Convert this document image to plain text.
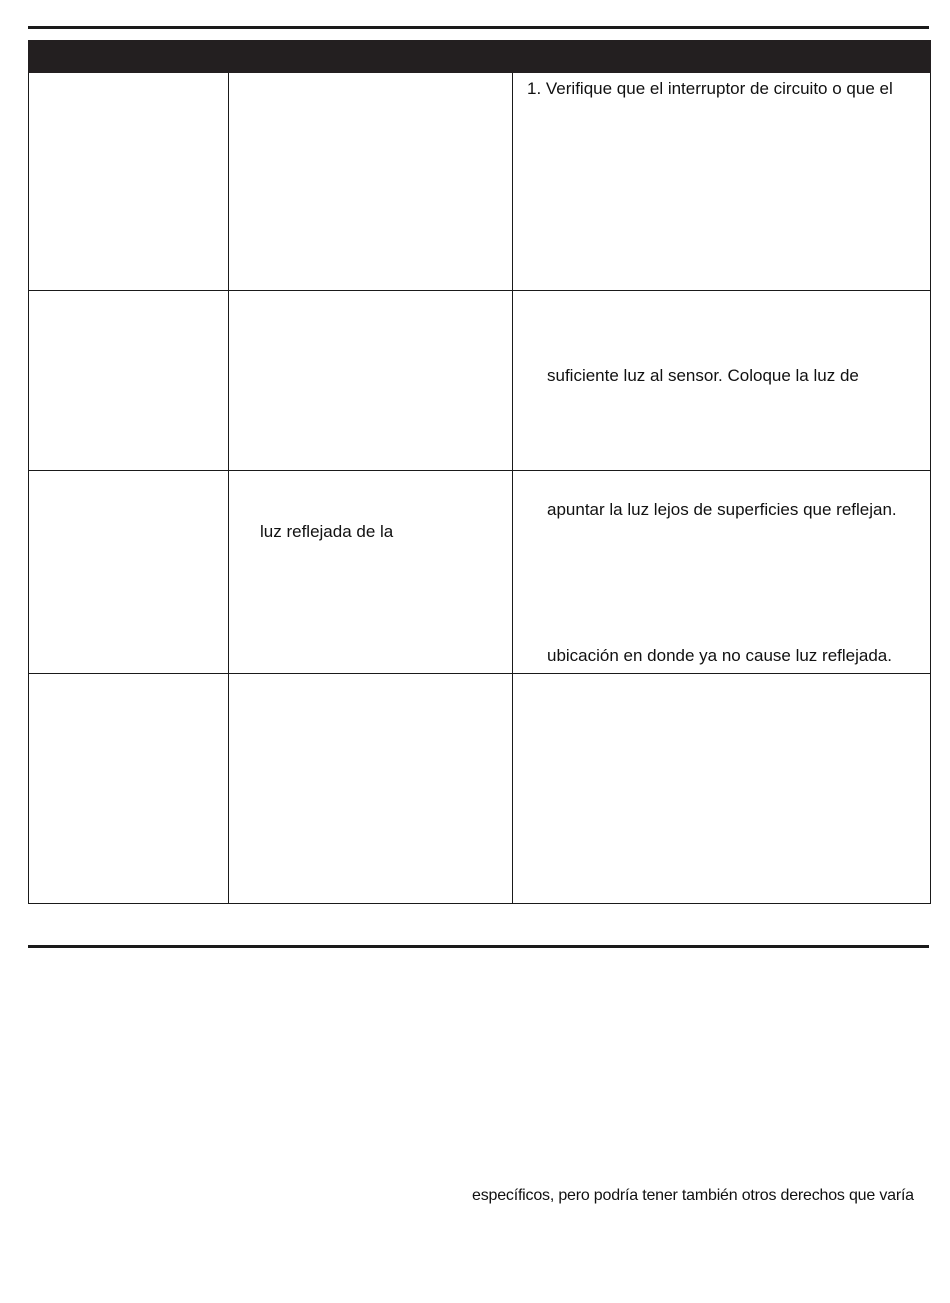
		1. Verifique que el interruptor de circuito o que el

		suficiente luz al sensor. Coloque la luz de

	luz reflejada de la	apuntar la luz lejos de superficies que reflejan.
ubicación en donde ya no cause luz reflejada.

específicos, pero podría tener también otros derechos que varía
